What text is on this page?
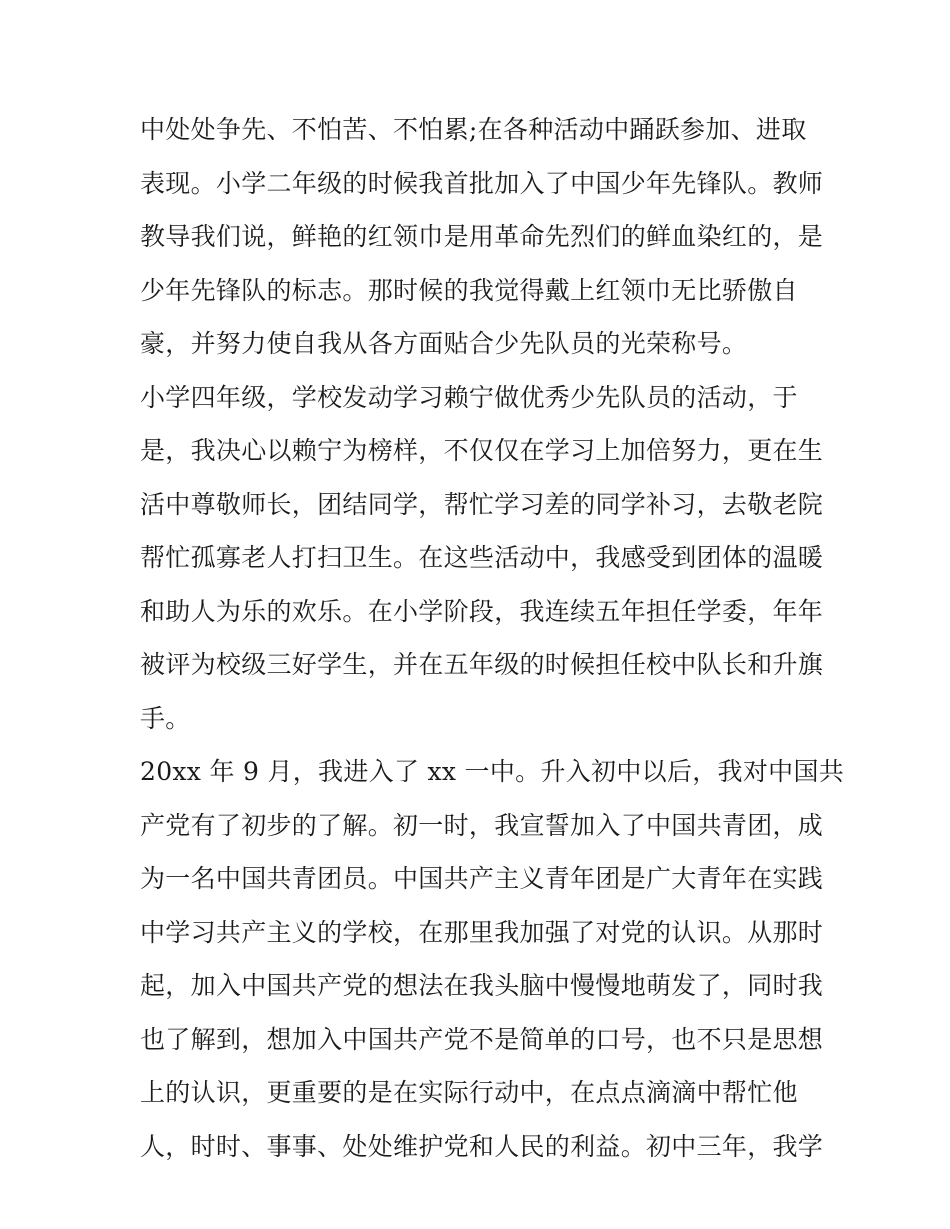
中处处争先、不怕苦、不怕累;在各种活动中踊跃参加、进取
表现。小学二年级的时候我首批加入了中国少年先锋队。教师
教导我们说，鲜艳的红领巾是用革命先烈们的鲜血染红的，是
少年先锋队的标志。那时候的我觉得戴上红领巾无比骄傲自
豪，并努力使自我从各方面贴合少先队员的光荣称号。
小学四年级，学校发动学习赖宁做优秀少先队员的活动，于
是，我决心以赖宁为榜样，不仅仅在学习上加倍努力，更在生
活中尊敬师长，团结同学，帮忙学习差的同学补习，去敬老院
帮忙孤寡老人打扫卫生。在这些活动中，我感受到团体的温暖
和助人为乐的欢乐。在小学阶段，我连续五年担任学委，年年
被评为校级三好学生，并在五年级的时候担任校中队长和升旗
手。
20xx 年 9 月，我进入了 xx 一中。升入初中以后，我对中国共
产党有了初步的了解。初一时，我宣誓加入了中国共青团，成
为一名中国共青团员。中国共产主义青年团是广大青年在实践
中学习共产主义的学校，在那里我加强了对党的认识。从那时
起，加入中国共产党的想法在我头脑中慢慢地萌发了，同时我
也了解到，想加入中国共产党不是简单的口号，也不只是思想
上的认识，更重要的是在实际行动中，在点点滴滴中帮忙他
人，时时、事事、处处维护党和人民的利益。初中三年，我学
